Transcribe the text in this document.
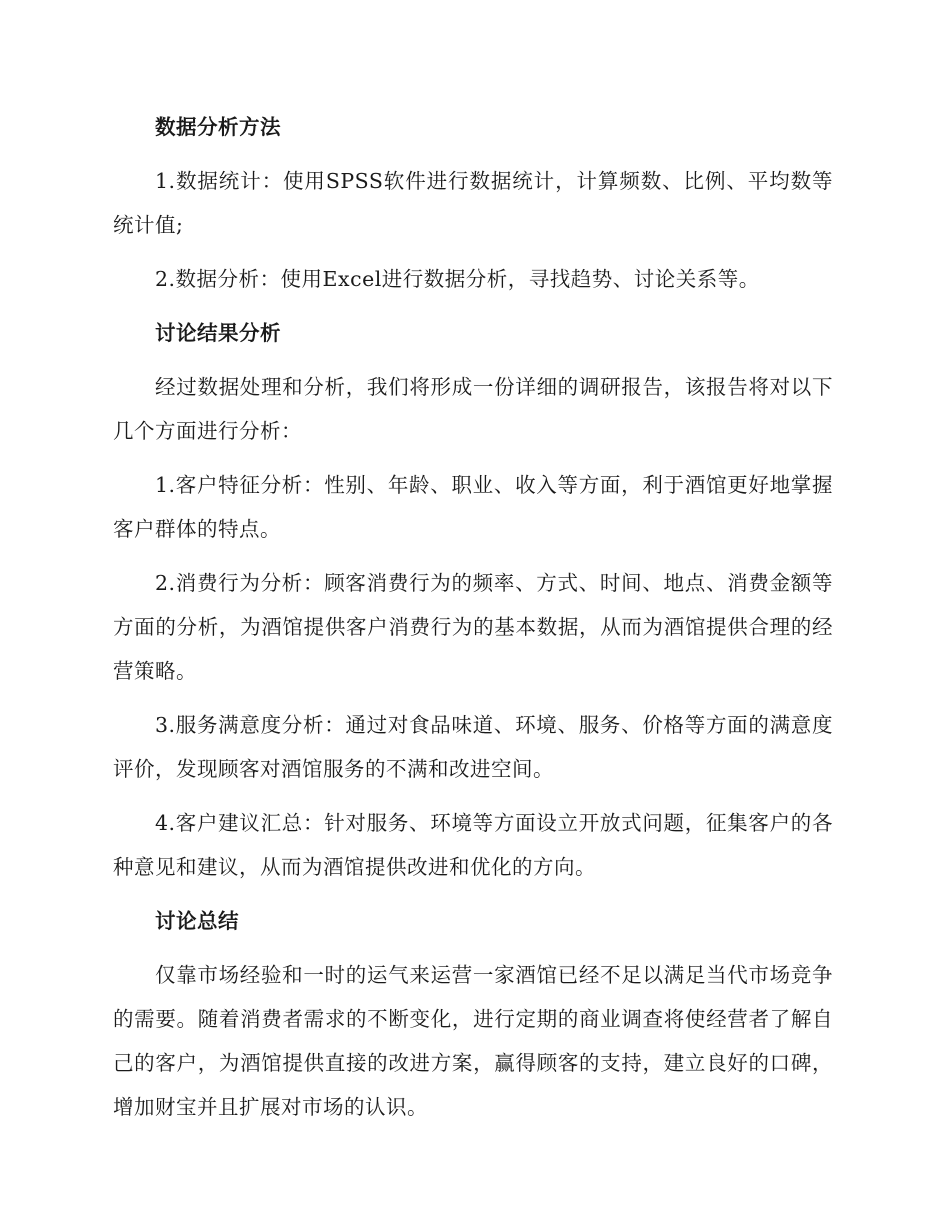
数据分析方法

1.数据统计：使用SPSS软件进行数据统计，计算频数、比例、平均数等统计值;

2.数据分析：使用Excel进行数据分析，寻找趋势、讨论关系等。

讨论结果分析

经过数据处理和分析，我们将形成一份详细的调研报告，该报告将对以下几个方面进行分析：

1.客户特征分析：性别、年龄、职业、收入等方面，利于酒馆更好地掌握客户群体的特点。

2.消费行为分析：顾客消费行为的频率、方式、时间、地点、消费金额等方面的分析，为酒馆提供客户消费行为的基本数据，从而为酒馆提供合理的经营策略。

3.服务满意度分析：通过对食品味道、环境、服务、价格等方面的满意度评价，发现顾客对酒馆服务的不满和改进空间。

4.客户建议汇总：针对服务、环境等方面设立开放式问题，征集客户的各种意见和建议，从而为酒馆提供改进和优化的方向。

讨论总结

仅靠市场经验和一时的运气来运营一家酒馆已经不足以满足当代市场竞争的需要。随着消费者需求的不断变化，进行定期的商业调查将使经营者了解自己的客户，为酒馆提供直接的改进方案，赢得顾客的支持，建立良好的口碑，增加财宝并且扩展对市场的认识。
